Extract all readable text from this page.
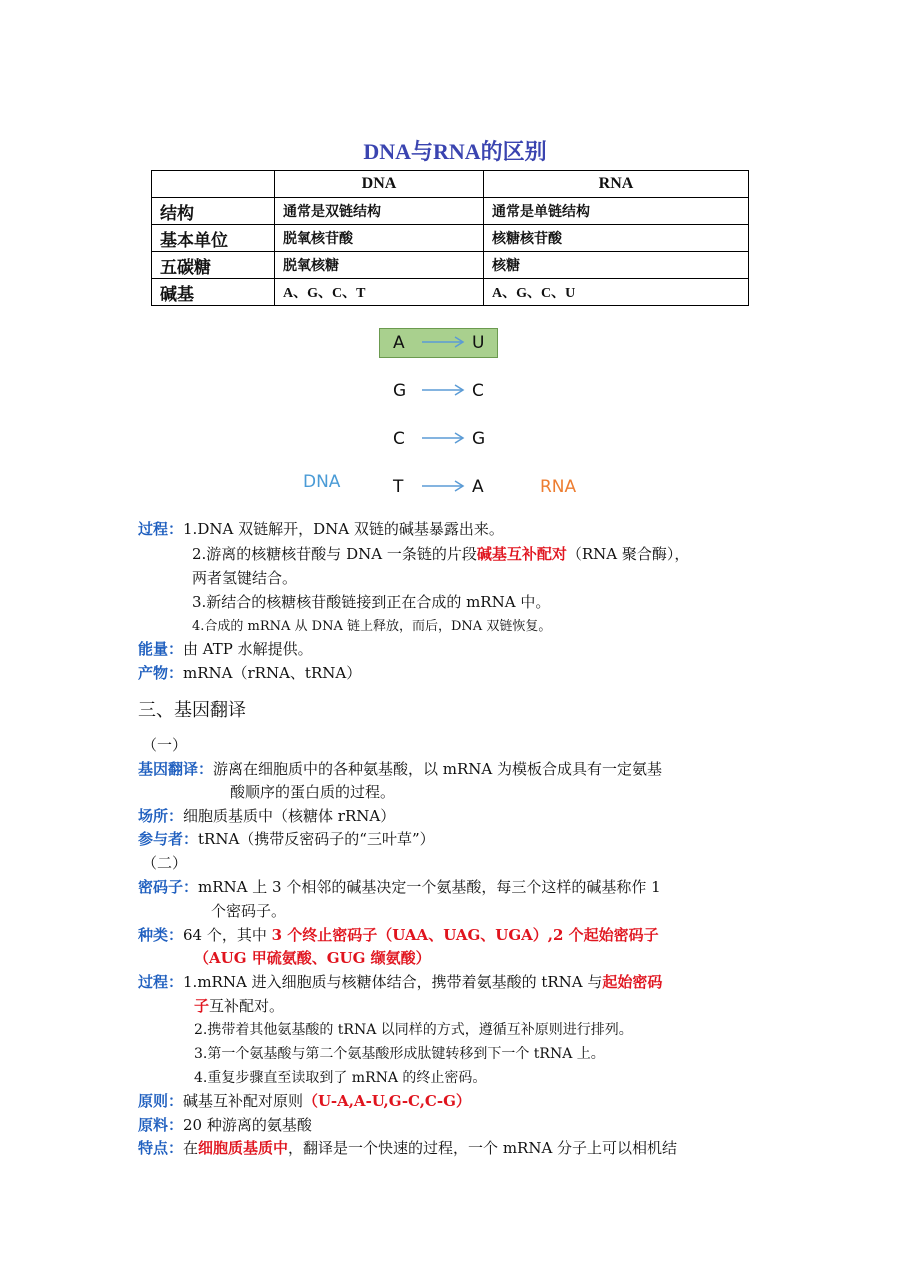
DNA与RNA的区别
	DNA	RNA
结构	通常是双链结构	通常是单链结构
基本单位	脱氧核苷酸	核糖核苷酸
五碳糖	脱氧核糖	核糖
碱基	A、G、C、T	A、G、C、U
A	U
G	C
C	G
DNA	T	A	RNA
过程：1.DNA 双链解开，DNA 双链的碱基暴露出来。
2.游离的核糖核苷酸与 DNA 一条链的片段碱基互补配对（RNA 聚合酶），
两者氢键结合。
3.新结合的核糖核苷酸链接到正在合成的 mRNA 中。
4.合成的 mRNA 从 DNA 链上释放，而后，DNA 双链恢复。
能量：由 ATP 水解提供。
产物：mRNA（rRNA、tRNA）
三、基因翻译
（一）
基因翻译：游离在细胞质中的各种氨基酸，以 mRNA 为模板合成具有一定氨基
酸顺序的蛋白质的过程。
场所：细胞质基质中（核糖体 rRNA）
参与者：tRNA（携带反密码子的“三叶草”）
（二）
密码子：mRNA 上 3 个相邻的碱基决定一个氨基酸，每三个这样的碱基称作 1
个密码子。
种类：64 个，其中 3 个终止密码子（UAA、UAG、UGA）,2 个起始密码子
（AUG 甲硫氨酸、GUG 缬氨酸）
过程：1.mRNA 进入细胞质与核糖体结合，携带着氨基酸的 tRNA 与起始密码
子互补配对。
2.携带着其他氨基酸的 tRNA 以同样的方式，遵循互补原则进行排列。
3.第一个氨基酸与第二个氨基酸形成肽键转移到下一个 tRNA 上。
4.重复步骤直至读取到了 mRNA 的终止密码。
原则：碱基互补配对原则（U-A,A-U,G-C,C-G）
原料：20 种游离的氨基酸
特点：在细胞质基质中，翻译是一个快速的过程，一个 mRNA 分子上可以相机结
